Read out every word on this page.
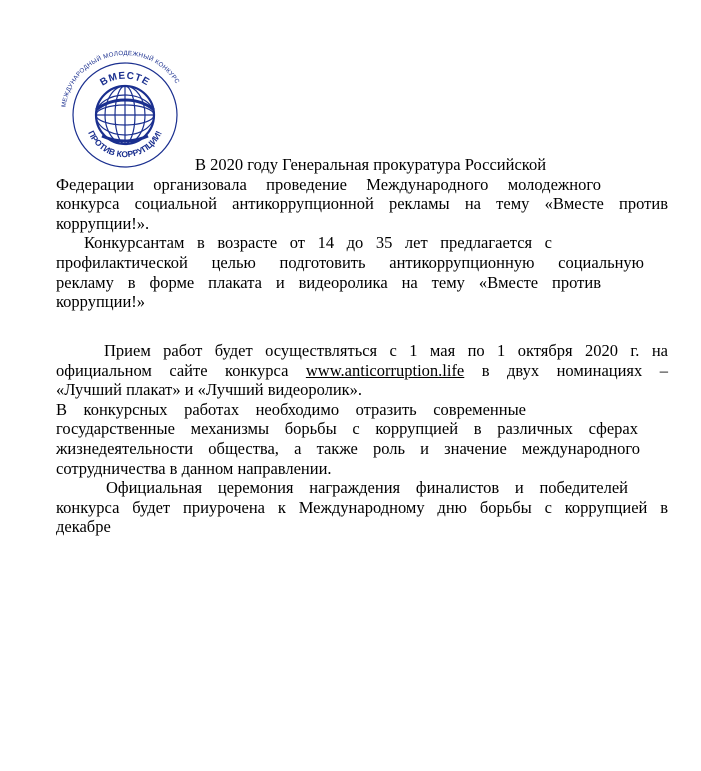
МЕЖДУНАРОДНЫЙ МОЛОДЕЖНЫЙ КОНКУРС
ВМЕСТЕ
ПРОТИВ КОРРУПЦИИ!
В 2020 году Генеральная прокуратура Российской
Федерации организовала проведение Международного молодежного
конкурса социальной антикоррупционной рекламы на тему «Вместе против
коррупции!».
Конкурсантам в возрасте от 14 до 35 лет предлагается с
профилактической целью подготовить антикоррупционную социальную
рекламу в форме плаката и видеоролика на тему «Вместе против
коррупции!»
Прием работ будет осуществляться с 1 мая по 1 октября 2020 г. на
официальном сайте конкурса www.anticorruption.life в двух номинациях –
«Лучший плакат» и «Лучший видеоролик».
В конкурсных работах необходимо отразить современные
государственные механизмы борьбы с коррупцией в различных сферах
жизнедеятельности общества, а также роль и значение международного
сотрудничества в данном направлении.
Официальная церемония награждения финалистов и победителей
конкурса будет приурочена к Международному дню борьбы с коррупцией в
декабре
